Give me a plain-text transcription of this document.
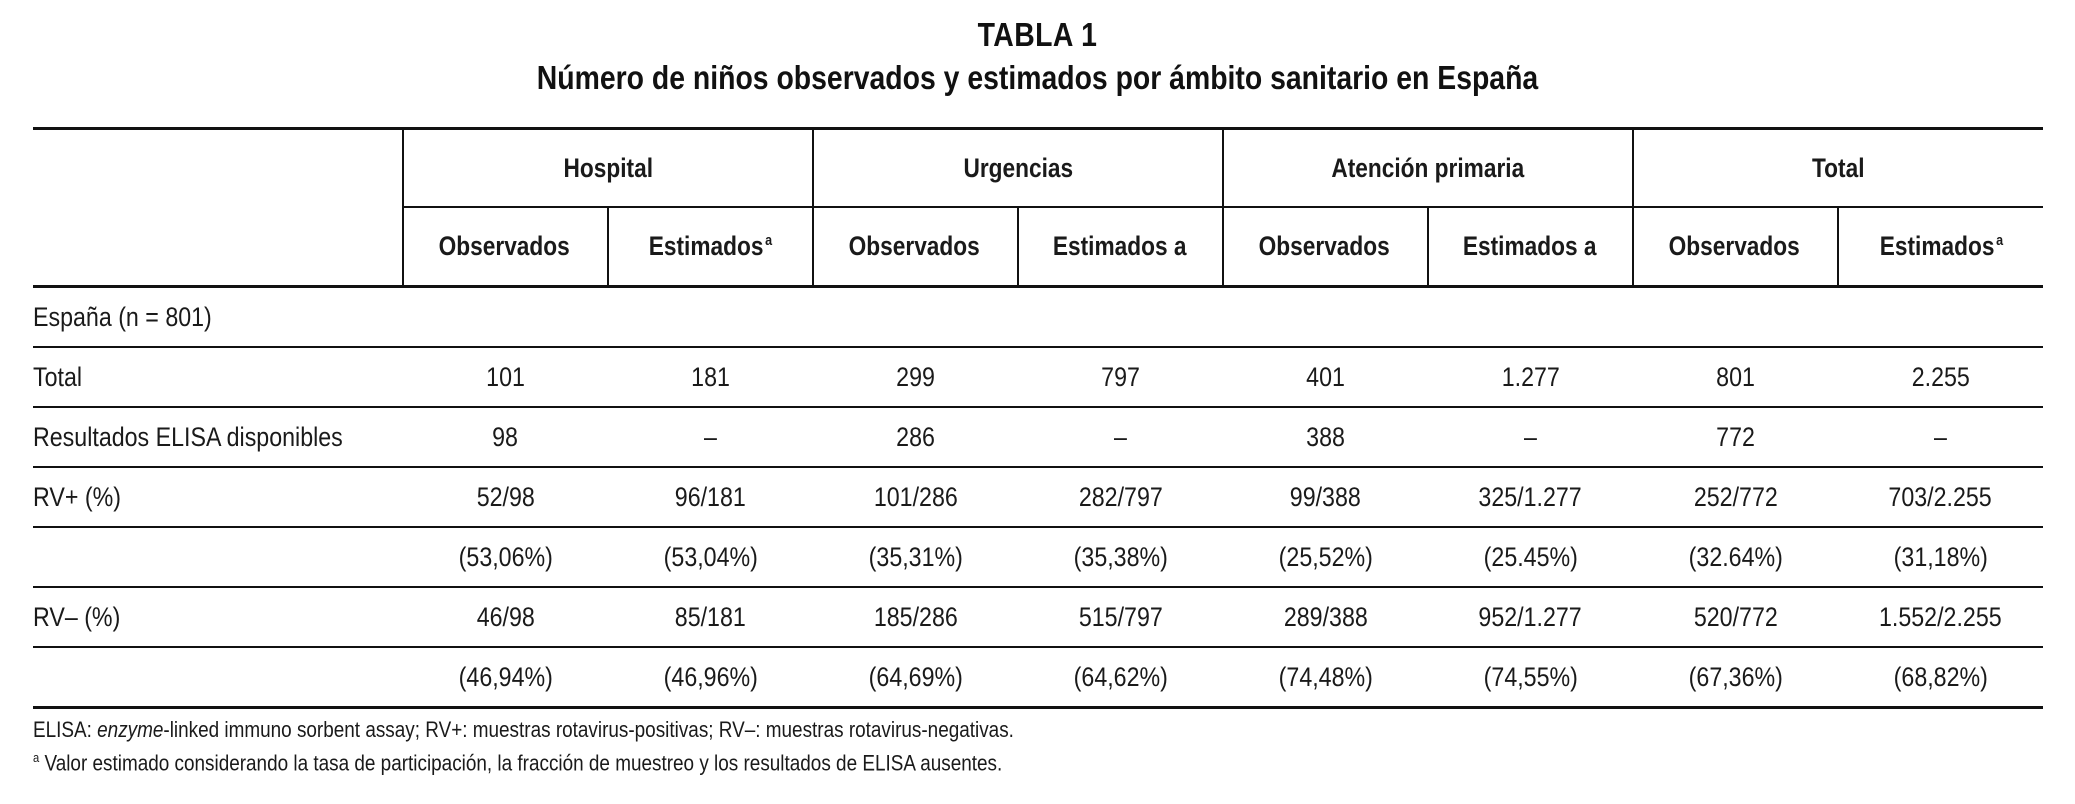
TABLA 1
Número de niños observados y estimados por ámbito sanitario en España
	Hospital		Urgencias		Atención primaria		Total	
	Observados	Estimados $^a$	Observados	Estimados a	Observados	Estimados a	Observados	Estimados $^a$
España (n = 801)								
Total	101	181	299	797	401	1.277	801	2.255
Resultados ELISA disponibles	98	–	286	–	388	–	772	–
RV+ (%)	52/98	96/181	101/286	282/797	99/388	325/1.277	252/772	703/2.255
	(53,06%)	(53,04%)	(35,31%)	(35,38%)	(25,52%)	(25.45%)	(32.64%)	(31,18%)
RV– (%)	46/98	85/181	185/286	515/797	289/388	952/1.277	520/772	1.552/2.255
	(46,94%)	(46,96%)	(64,69%)	(64,62%)	(74,48%)	(74,55%)	(67,36%)	(68,82%)
ELISA: enzyme-linked immuno sorbent assay; RV+: muestras rotavirus-positivas; RV–: muestras rotavirus-negativas.
$^a$ Valor estimado considerando la tasa de participación, la fracción de muestreo y los resultados de ELISA ausentes.
